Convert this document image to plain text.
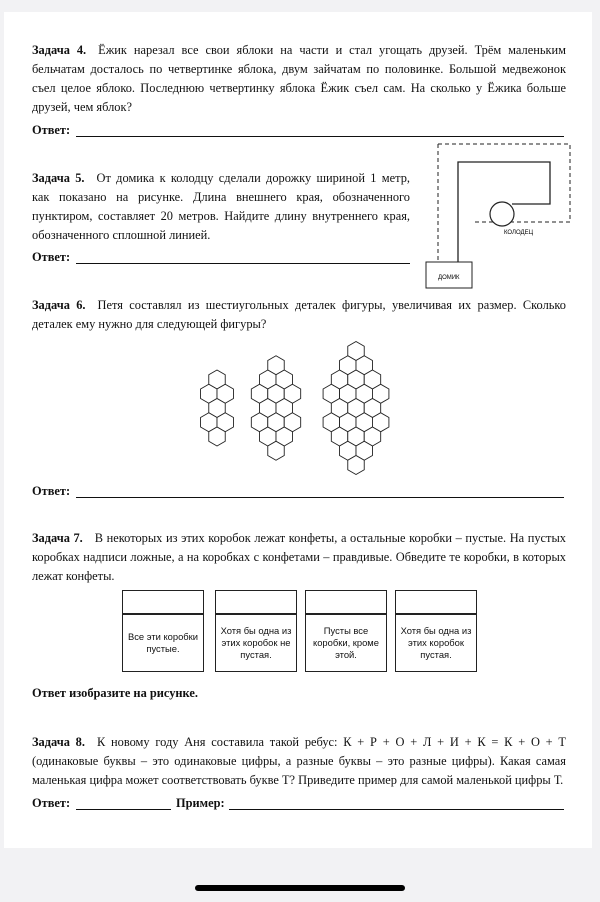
Задача 4. Ёжик нарезал все свои яблоки на части и стал угощать друзей. Трём маленьким бельчатам досталось по четвертинке яблока, двум зайчатам по половинке. Большой медвежонок съел целое яблоко. Последнюю четвертинку яблока Ёжик съел сам. На сколько у Ёжика больше друзей, чем яблок?
Ответ:
Задача 5. От домика к колодцу сделали дорожку шириной 1 метр, как показано на рисунке. Длина внешнего края, обозначенного пунктиром, составляет 20 метров. Найдите длину внутреннего края, обозначенного сплошной линией.
Ответ:
КОЛОДЕЦ
ДОМИК
Задача 6. Петя составлял из шестиугольных деталек фигуры, увеличивая их размер. Сколько деталек ему нужно для следующей фигуры?
Ответ:
Задача 7. В некоторых из этих коробок лежат конфеты, а остальные коробки – пустые. На пустых коробках надписи ложные, а на коробках с конфетами – правдивые. Обведите те коробки, в которых лежат конфеты.
Все эти коробки пустые.
Хотя бы одна из этих коробок не пустая.
Пусты все коробки, кроме этой.
Хотя бы одна из этих коробок пустая.
Ответ изобразите на рисунке.
Задача 8. К новому году Аня составила такой ребус: К + Р + О + Л + И + К = К + О + Т (одинаковые буквы – это одинаковые цифры, а разные буквы – это разные цифры). Какая самая маленькая цифра может соответствовать букве Т? Приведите пример для самой маленькой цифры Т.
Ответ:	Пример:
